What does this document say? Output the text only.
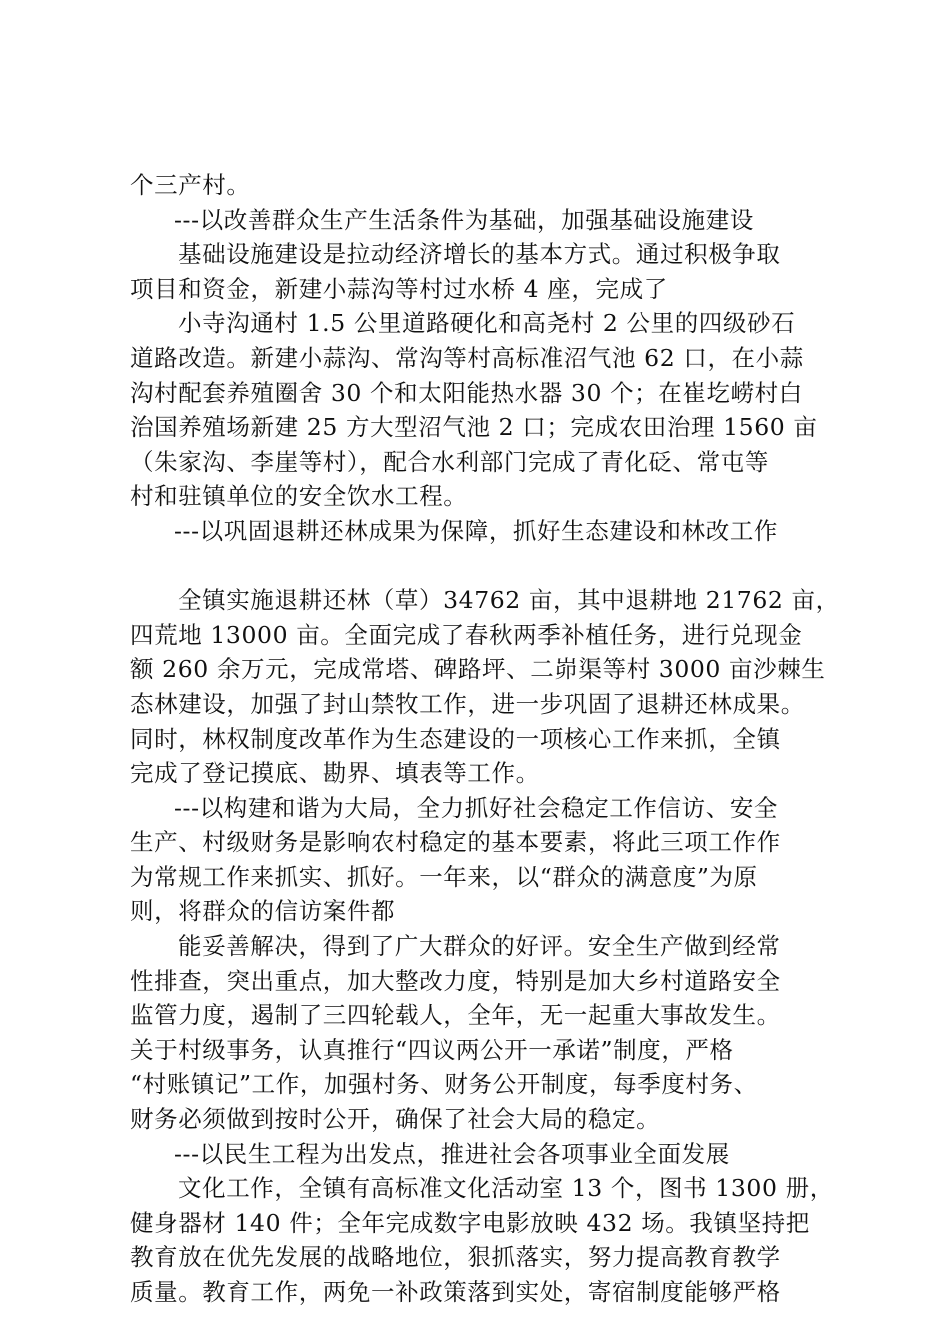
个三产村。
---以改善群众生产生活条件为基础，加强基础设施建设
基础设施建设是拉动经济增长的基本方式。通过积极争取
项目和资金，新建小蒜沟等村过水桥 4 座，完成了
小寺沟通村 1.5 公里道路硬化和高尧村 2 公里的四级砂石
道路改造。新建小蒜沟、常沟等村高标准沼气池 62 口，在小蒜
沟村配套养殖圈舍 30 个和太阳能热水器 30 个；在崔圪崂村白
治国养殖场新建 25 方大型沼气池 2 口；完成农田治理 1560 亩
（朱家沟、李崖等村），配合水利部门完成了青化砭、常屯等
村和驻镇单位的安全饮水工程。
---以巩固退耕还林成果为保障，抓好生态建设和林改工作
全镇实施退耕还林（草）34762 亩，其中退耕地 21762 亩，
四荒地 13000 亩。全面完成了春秋两季补植任务，进行兑现金
额 260 余万元，完成常塔、碑路坪、二峁渠等村 3000 亩沙棘生
态林建设，加强了封山禁牧工作，进一步巩固了退耕还林成果。
同时，林权制度改革作为生态建设的一项核心工作来抓，全镇
完成了登记摸底、勘界、填表等工作。
---以构建和谐为大局，全力抓好社会稳定工作信访、安全
生产、村级财务是影响农村稳定的基本要素，将此三项工作作
为常规工作来抓实、抓好。一年来，以“群众的满意度”为原
则，将群众的信访案件都
能妥善解决，得到了广大群众的好评。安全生产做到经常
性排查，突出重点，加大整改力度，特别是加大乡村道路安全
监管力度，遏制了三四轮载人，全年，无一起重大事故发生。
关于村级事务，认真推行“四议两公开一承诺”制度，严格
“村账镇记”工作，加强村务、财务公开制度，每季度村务、
财务必须做到按时公开，确保了社会大局的稳定。
---以民生工程为出发点，推进社会各项事业全面发展
文化工作，全镇有高标准文化活动室 13 个，图书 1300 册，
健身器材 140 件；全年完成数字电影放映 432 场。我镇坚持把
教育放在优先发展的战略地位，狠抓落实，努力提高教育教学
质量。教育工作，两免一补政策落到实处，寄宿制度能够严格
